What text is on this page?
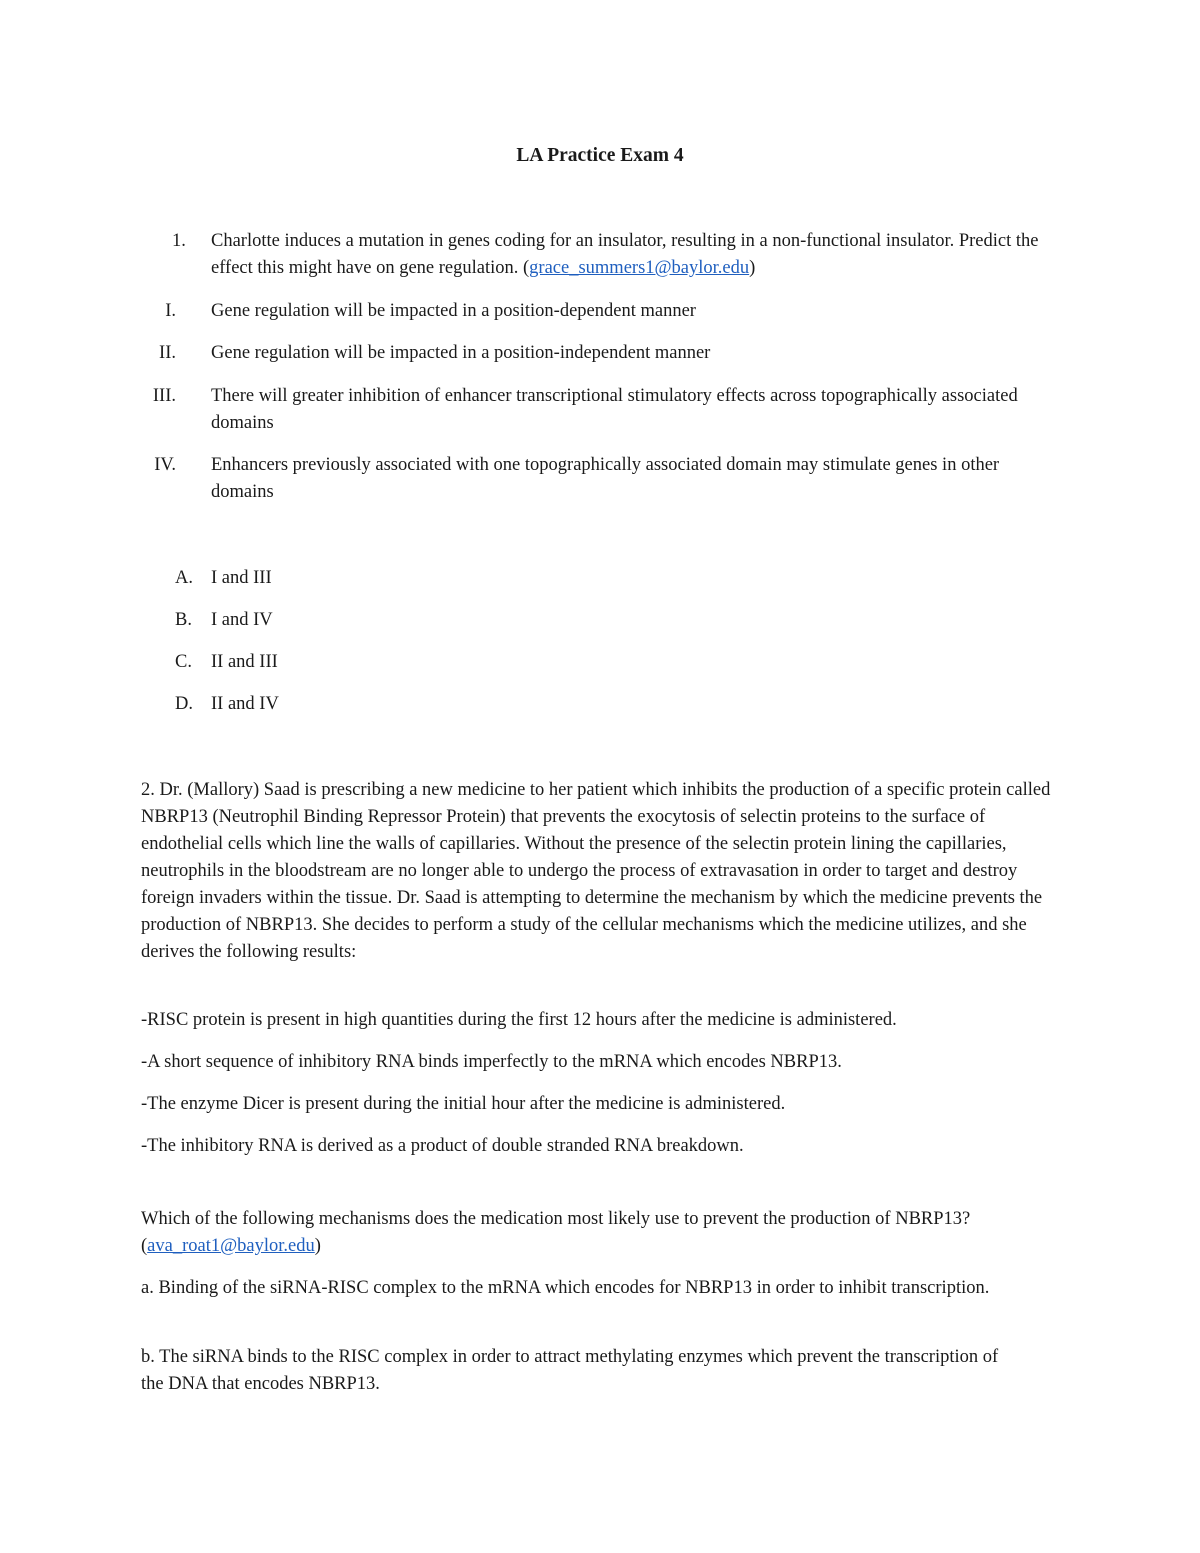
LA Practice Exam 4
1. Charlotte induces a mutation in genes coding for an insulator, resulting in a non-functional insulator. Predict the effect this might have on gene regulation. (grace_summers1@baylor.edu)
I. Gene regulation will be impacted in a position-dependent manner
II. Gene regulation will be impacted in a position-independent manner
III. There will greater inhibition of enhancer transcriptional stimulatory effects across topographically associated domains
IV. Enhancers previously associated with one topographically associated domain may stimulate genes in other domains
A. I and III
B. I and IV
C. II and III
D. II and IV
2. Dr. (Mallory) Saad is prescribing a new medicine to her patient which inhibits the production of a specific protein called NBRP13 (Neutrophil Binding Repressor Protein) that prevents the exocytosis of selectin proteins to the surface of endothelial cells which line the walls of capillaries. Without the presence of the selectin protein lining the capillaries, neutrophils in the bloodstream are no longer able to undergo the process of extravasation in order to target and destroy foreign invaders within the tissue. Dr. Saad is attempting to determine the mechanism by which the medicine prevents the production of NBRP13. She decides to perform a study of the cellular mechanisms which the medicine utilizes, and she derives the following results:
-RISC protein is present in high quantities during the first 12 hours after the medicine is administered.
-A short sequence of inhibitory RNA binds imperfectly to the mRNA which encodes NBRP13.
-The enzyme Dicer is present during the initial hour after the medicine is administered.
-The inhibitory RNA is derived as a product of double stranded RNA breakdown.
Which of the following mechanisms does the medication most likely use to prevent the production of NBRP13? (ava_roat1@baylor.edu)
a. Binding of the siRNA-RISC complex to the mRNA which encodes for NBRP13 in order to inhibit transcription.
b. The siRNA binds to the RISC complex in order to attract methylating enzymes which prevent the transcription of the DNA that encodes NBRP13.
